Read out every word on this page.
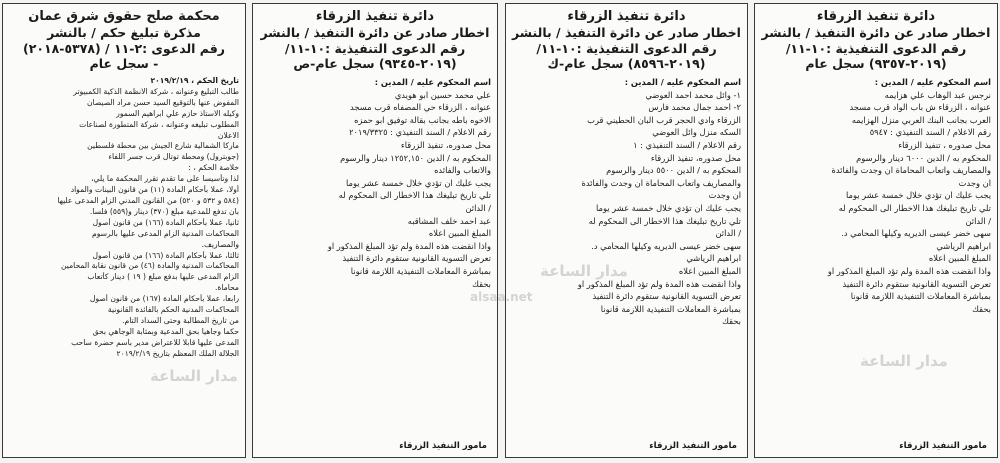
دائرة تنفيذ الزرقاء
اخطار صادر عن دائرة التنفيذ / بالنشر
رقم الدعوى التنفيذية :١٠-١١/
(٢٠١٩-٩٣٥٧) سجل عام
اسم المحكوم عليه / المدين :
نرجس عبد الوهاب علي هزايمه
عنوانه ، الزرقاء ش باب الواد قرب مسجد
العرب بجانب البنك العربي منزل الهزايمه
رقم الاعلام / السند التنفيذي : ٥٩٤٧
محل صدوره ، تنفيذ الزرقاء
المحكوم به / الدين ٦٠٠٠ دينار والرسوم
والمصاريف واتعاب المحاماة ان وجدت والفائدة
ان وجدت
يجب عليك ان تؤدي خلال خمسة عشر يوما
تلي تاريخ تبليغك هذا الاخطار الى المحكوم له
/ الدائن
سهى خضر عيسى الديريه وكيلها المحامي د.
ابراهيم الرياشي
المبلغ المبين اعلاه
واذا انقضت هذه المدة ولم تؤد المبلغ المذكور او
تعرض التسوية القانونية ستقوم دائرة التنفيذ
بمباشرة المعاملات التنفيذية اللازمة قانونا
بحقك
مامور التنفيذ الزرقاء
دائرة تنفيذ الزرقاء
اخطار صادر عن دائرة التنفيذ / بالنشر
رقم الدعوى التنفيذية :١٠-١١/
(٢٠١٩-٨٥٩٦) سجل عام-ك
اسم المحكوم عليه / المدين :
١- وائل محمد احمد العوضي
٢- احمد جمال محمد فارس
الزرقاء وادي الحجر قرب البان الحطيني قرب
السكه منزل وائل العوضي
رقم الاعلام / السند التنفيذي : ١
محل صدوره، تنفيذ الزرقاء
المحكوم به / الدين ٥٥٠٠ دينار والرسوم
والمصاريف واتعاب المحاماة ان وجدت والفائدة
ان وجدت
يجب عليك ان تؤدي خلال خمسة عشر يوما
تلي تاريخ تبليغك هذا الاخطار الى المحكوم له
/ الدائن
سهى خضر عيسى الديريه وكيلها المحامي د.
ابراهيم الرياشي
المبلغ المبين اعلاه
واذا انقضت هذه المدة ولم تؤد المبلغ المذكور او
تعرض التسوية القانونية ستقوم دائرة التنفيذ
بمباشرة المعاملات التنفيذية اللازمة قانونا
بحقك
مامور التنفيذ الزرقاء
دائرة تنفيذ الزرقاء
اخطار صادر عن دائرة التنفيذ / بالنشر
رقم الدعوى التنفيذية :١٠-١١/
(٢٠١٩-٩٣٤٥) سجل عام-ص
اسم المحكوم عليه / المدين :
علي محمد حسين ابو هويدي
عنوانه ، الزرقاء حي المصفاه قرب مسجد
الاخوه باطه بجانب بقالة توفيق ابو حمزه
رقم الاعلام / السند التنفيذي : ٢٠١٩/٣٣٢٥
محل صدوره، تنفيذ الزرقاء
المحكوم به / الدين ١٢٥٢,١٥٠ دينار والرسوم
والاتعاب والفائده
يجب عليك ان تؤدي خلال خمسة عشر يوما
تلي تاريخ تبليغك هذا الاخطار الى المحكوم له
/ الدائن
عبد احمد خلف المشاقبه
المبلغ المبين اعلاه
واذا انقضت هذه المدة ولم تؤد المبلغ المذكور او
تعرض التسوية القانونية ستقوم دائرة التنفيذ
بمباشرة المعاملات التنفيذية اللازمة قانونا
بحقك
مامور التنفيذ الزرقاء
محكمة صلح حقوق شرق عمان
مذكرة تبليغ حكم / بالنشر
رقم الدعوى :٢-١١ / (٥٣٧٨-٢٠١٨)
- سجل عام
تاريخ الحكم ، ٢٠١٩/٢/١٩
طالب التبليغ وعنوانه ، شركة الانظمة الذكية الكمبيوتر
المفوض عنها بالتوقيع السيد حسن مراد الصيصان
وكيله الاستاذ حازم علي ابراهيم السمور
المطلوب تبليغه وعنوانه ، شركة المتطورة لصناعات
الاعلان
ماركا الشمالية شارع الجيش بين محطة فلسطين
(جوبترول) ومحطة توتال قرب جسر اللفاء
خلاصة الحكم ، :
لذا وتأسيسا على ما تقدم تقرر المحكمة ما يلي،
أولا، عملا بأحكام المادة (١١) من قانون البينات والمواد
(٥٨٤ و ٥٣٢ و ٥٢٠) من القانون المدني الزام المدعى عليها
بان تدفع للمدعية مبلغ (٣٧٠) دينار و(٥٥٩) فلسا.
ثانيا، عملا بأحكام المادة (١٦٦) من قانون أصول
المحاكمات المدنية الزام المدعى عليها بالرسوم
والمصاريف.
ثالثا، عملا بأحكام المادة (١٦٦) من قانون أصول
المحاكمات المدنية والمادة (٤٦) من قانون نقابة المحامين
الزام المدعى عليها بدفع مبلغ ( ١٩ ) دينار كأتعاب
محاماة.
رابعا، عملا بأحكام المادة (١٦٧) من قانون أصول
المحاكمات المدنية الحكم بالفائدة القانونية
من تاريخ المطالبة وحتى السداد التام.
حكما وجاهيا بحق المدعية وبمثابة الوجاهي بحق
المدعى عليها قابلا للاعتراض مدير باسم حضرة ساحب
الجلالة الملك المعظم بتاريخ ٢٠١٩/٢/١٩
مدار الساعة
alsaa.net
مدار الساعة
مدار الساعة
